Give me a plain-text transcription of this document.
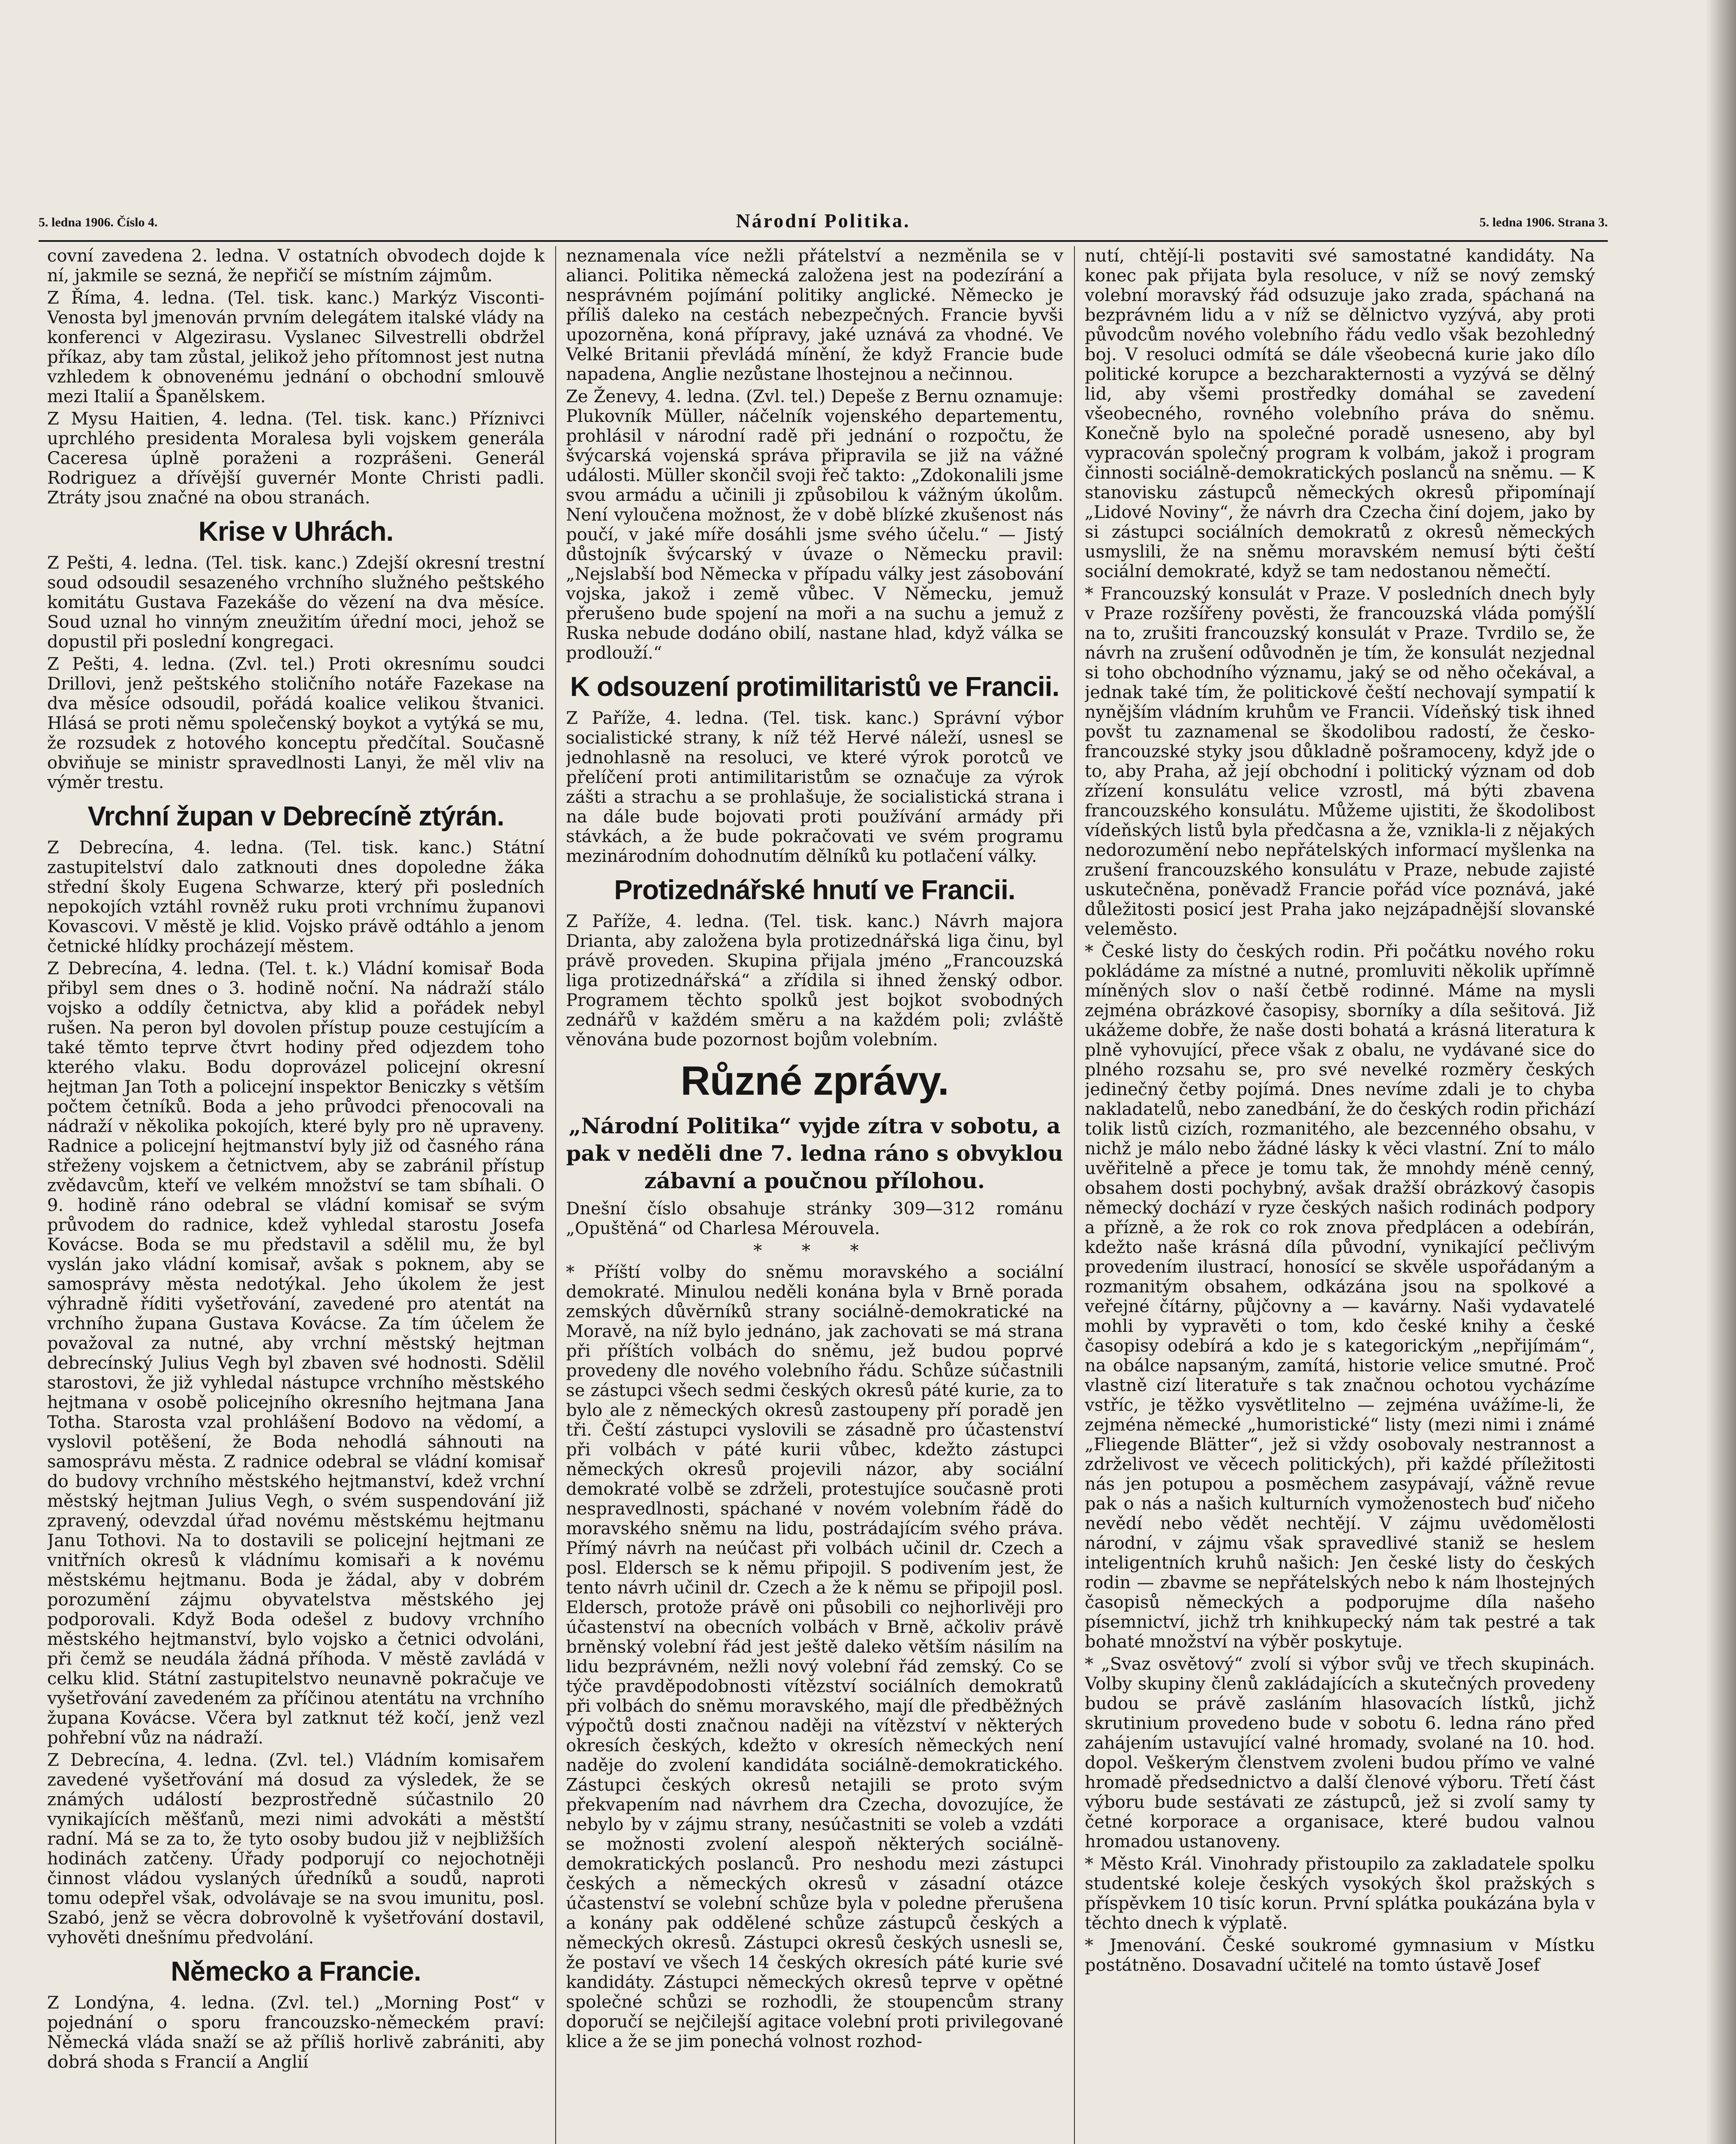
5. ledna 1906. Číslo 4.	Národní Politika.	5. ledna 1906. Strana 3.
covní zavedena 2. ledna. V ostatních obvodech dojde k ní, jakmile se sezná, že nepřičí se místním zájmům.
Z Říma, 4. ledna. (Tel. tisk. kanc.) Markýz Visconti-Venosta byl jmenován prvním delegátem italské vlády na konferenci v Algezirasu. Vyslanec Silvestrelli obdržel příkaz, aby tam zůstal, jelikož jeho přítomnost jest nutna vzhledem k obnovenému jednání o obchodní smlouvě mezi Italií a Španělskem.
Z Mysu Haitien, 4. ledna. (Tel. tisk. kanc.) Příznivci uprchlého presidenta Moralesa byli vojskem generála Caceresa úplně poraženi a rozprášeni. Generál Rodriguez a dřívější guvernér Monte Christi padli. Ztráty jsou značné na obou stranách.
Krise v Uhrách.
Z Pešti, 4. ledna. (Tel. tisk. kanc.) Zdejší okresní trestní soud odsoudil sesazeného vrchního služného peštského komitátu Gustava Fazekáše do vězení na dva měsíce. Soud uznal ho vinným zneužitím úřední moci, jehož se dopustil při poslední kongregaci.
Z Pešti, 4. ledna. (Zvl. tel.) Proti okresnímu soudci Drillovi, jenž peštského stoličního notáře Fazekase na dva měsíce odsoudil, pořádá koalice velikou štvanici. Hlásá se proti němu společenský boykot a vytýká se mu, že rozsudek z hotového konceptu předčítal. Současně obviňuje se ministr spravedlnosti Lanyi, že měl vliv na výměr trestu.
Vrchní župan v Debrecíně ztýrán.
Z Debrecína, 4. ledna. (Tel. tisk. kanc.) Státní zastupitelství dalo zatknouti dnes dopoledne žáka střední školy Eugena Schwarze, který při posledních nepokojích vztáhl rovněž ruku proti vrchnímu županovi Kovascovi. V městě je klid. Vojsko právě odtáhlo a jenom četnické hlídky procházejí městem.
Z Debrecína, 4. ledna. (Tel. t. k.) Vládní komisař Boda přibyl sem dnes o 3. hodině noční. Na nádraží stálo vojsko a oddíly četnictva, aby klid a pořádek nebyl rušen. Na peron byl dovolen přístup pouze cestujícím a také těmto teprve čtvrt hodiny před odjezdem toho kterého vlaku. Bodu doprovázel policejní okresní hejtman Jan Toth a policejní inspektor Beniczky s větším počtem četníků. Boda a jeho průvodci přenocovali na nádraží v několika pokojích, které byly pro ně upraveny. Radnice a policejní hejtmanství byly již od časného rána střeženy vojskem a četnictvem, aby se zabránil přístup zvědavcům, kteří ve velkém množství se tam sbíhali. O 9. hodině ráno odebral se vládní komisař se svým průvodem do radnice, kdež vyhledal starostu Josefa Kovácse. Boda se mu představil a sdělil mu, že byl vyslán jako vládní komisař, avšak s poknem, aby se samosprávy města nedotýkal. Jeho úkolem že jest výhradně říditi vyšetřování, zavedené pro atentát na vrchního župana Gustava Kovácse. Za tím účelem že považoval za nutné, aby vrchní městský hejtman debrecínský Julius Vegh byl zbaven své hodnosti. Sdělil starostovi, že již vyhledal nástupce vrchního městského hejtmana v osobě policejního okresního hejtmana Jana Totha. Starosta vzal prohlášení Bodovo na vědomí, a vyslovil potěšení, že Boda nehodlá sáhnouti na samosprávu města. Z radnice odebral se vládní komisař do budovy vrchního městského hejtmanství, kdež vrchní městský hejtman Julius Vegh, o svém suspendování již zpravený, odevzdal úřad novému městskému hejtmanu Janu Tothovi. Na to dostavili se policejní hejtmani ze vnitřních okresů k vládnímu komisaři a k novému městskému hejtmanu. Boda je žádal, aby v dobrém porozumění zájmu obyvatelstva městského jej podporovali. Když Boda odešel z budovy vrchního městského hejtmanství, bylo vojsko a četnici odvoláni, při čemž se neudála žádná příhoda. V městě zavládá v celku klid. Státní zastupitelstvo neunavně pokračuje ve vyšetřování zavedeném za příčinou atentátu na vrchního župana Kovácse. Včera byl zatknut též kočí, jenž vezl pohřební vůz na nádraží.
Z Debrecína, 4. ledna. (Zvl. tel.) Vládním komisařem zavedené vyšetřování má dosud za výsledek, že se známých událostí bezprostředně súčastnilo 20 vynikajících měšťanů, mezi nimi advokáti a městští radní. Má se za to, že tyto osoby budou již v nejbližších hodinách zatčeny. Úřady podporují co nejochotněji činnost vládou vyslaných úředníků a soudů, naproti tomu odepřel však, odvolávaje se na svou imunitu, posl. Szabó, jenž se věcra dobrovolně k vyšetřování dostavil, vyhověti dnešnímu předvolání.
Německo a Francie.
Z Londýna, 4. ledna. (Zvl. tel.) „Morning Post“ v pojednání o sporu francouzsko-německém praví: Německá vláda snaží se až příliš horlivě zabrániti, aby dobrá shoda s Francií a Anglií
neznamenala více nežli přátelství a nezměnila se v alianci. Politika německá založena jest na podezírání a nesprávném pojímání politiky anglické. Německo je příliš daleko na cestách nebezpečných. Francie byvši upozorněna, koná přípravy, jaké uznává za vhodné. Ve Velké Britanii převládá mínění, že když Francie bude napadena, Anglie nezůstane lhostejnou a nečinnou.
Ze Ženevy, 4. ledna. (Zvl. tel.) Depeše z Bernu oznamuje: Plukovník Müller, náčelník vojenského departementu, prohlásil v národní radě při jednání o rozpočtu, že švýcarská vojenská správa připravila se již na vážné události. Müller skončil svoji řeč takto: „Zdokonalili jsme svou armádu a učinili ji způsobilou k vážným úkolům. Není vyloučena možnost, že v době blízké zkušenost nás poučí, v jaké míře dosáhli jsme svého účelu.“ — Jistý důstojník švýcarský v úvaze o Německu pravil: „Nejslabší bod Německa v případu války jest zásobování vojska, jakož i země vůbec. V Německu, jemuž přerušeno bude spojení na moři a na suchu a jemuž z Ruska nebude dodáno obilí, nastane hlad, když válka se prodlouží.“
K odsouzení protimilitaristů ve Francii.
Z Paříže, 4. ledna. (Tel. tisk. kanc.) Správní výbor socialistické strany, k níž též Hervé náleží, usnesl se jednohlasně na resoluci, ve které výrok porotců ve přelíčení proti antimilitaristům se označuje za výrok zášti a strachu a se prohlašuje, že socialistická strana i na dále bude bojovati proti používání armády při stávkách, a že bude pokračovati ve svém programu mezinárodním dohodnutím dělníků ku potlačení války.
Protizednářské hnutí ve Francii.
Z Paříže, 4. ledna. (Tel. tisk. kanc.) Návrh majora Drianta, aby založena byla protizednářská liga činu, byl právě proveden. Skupina přijala jméno „Francouzská liga protizednářská“ a zřídila si ihned ženský odbor. Programem těchto spolků jest bojkot svobodných zednářů v každém směru a na každém poli; zvláště věnována bude pozornost bojům volebním.
Různé zprávy.
„Národní Politika“ vyjde zítra v sobotu, a pak v neděli dne 7. ledna ráno s obvyklou zábavní a poučnou přílohou.
Dnešní číslo obsahuje stránky 309—312 románu „Opuštěná“ od Charlesa Mérouvela.
* * *
* Příští volby do sněmu moravského a sociální demokraté. Minulou neděli konána byla v Brně porada zemských důvěrníků strany sociálně-demokratické na Moravě, na níž bylo jednáno, jak zachovati se má strana při příštích volbách do sněmu, jež budou poprvé provedeny dle nového volebního řádu. Schůze súčastnili se zástupci všech sedmi českých okresů páté kurie, za to bylo ale z německých okresů zastoupeny pří poradě jen tři. Čeští zástupci vyslovili se zásadně pro účastenství při volbách v páté kurii vůbec, kdežto zástupci německých okresů projevili názor, aby sociální demokraté volbě se zdrželi, protestujíce současně proti nespravedlnosti, spáchané v novém volebním řádě do moravského sněmu na lidu, postrádajícím svého práva. Přímý návrh na neúčast při volbách učinil dr. Czech a posl. Eldersch se k němu připojil. S podivením jest, že tento návrh učinil dr. Czech a že k němu se připojil posl. Eldersch, protože právě oni působili co nejhorlivěji pro účastenství na obecních volbách v Brně, ačkoliv právě brněnský volební řád jest ještě daleko větším násilím na lidu bezprávném, nežli nový volební řád zemský. Co se týče pravděpodobnosti vítězství sociálních demokratů při volbách do sněmu moravského, mají dle předběžných výpočtů dosti značnou naději na vítězství v některých okresích českých, kdežto v okresích německých není naděje do zvolení kandidáta sociálně-demokratického. Zástupci českých okresů netajili se proto svým překvapením nad návrhem dra Czecha, dovozujíce, že nebylo by v zájmu strany, nesúčastniti se voleb a vzdáti se možnosti zvolení alespoň některých sociálně-demokratických poslanců. Pro neshodu mezi zástupci českých a německých okresů v zásadní otázce účastenství se volební schůze byla v poledne přerušena a konány pak oddělené schůze zástupců českých a německých okresů. Zástupci okresů českých usnesli se, že postaví ve všech 14 českých okresích páté kurie své kandidáty. Zástupci německých okresů teprve v opětné společné schůzi se rozhodli, že stoupencům strany doporučí se nejčilejší agitace volební proti privilegované klice a že se jim ponechá volnost rozhod-
nutí, chtějí-li postaviti své samostatné kandidáty. Na konec pak přijata byla resoluce, v níž se nový zemský volební moravský řád odsuzuje jako zrada, spáchaná na bezprávném lidu a v níž se dělnictvo vyzývá, aby proti původcům nového volebního řádu vedlo však bezohledný boj. V resoluci odmítá se dále všeobecná kurie jako dílo politické korupce a bezcharakternosti a vyzývá se dělný lid, aby všemi prostředky domáhal se zavedení všeobecného, rovného volebního práva do sněmu. Konečně bylo na společné poradě usneseno, aby byl vypracován společný program k volbám, jakož i program činnosti sociálně-demokratických poslanců na sněmu. — K stanovisku zástupců německých okresů připomínají „Lidové Noviny“, že návrh dra Czecha činí dojem, jako by si zástupci sociálních demokratů z okresů německých usmyslili, že na sněmu moravském nemusí býti čeští sociální demokraté, když se tam nedostanou němečtí.
* Francouzský konsulát v Praze. V posledních dnech byly v Praze rozšířeny pověsti, že francouzská vláda pomýšlí na to, zrušiti francouzský konsulát v Praze. Tvrdilo se, že návrh na zrušení odůvodněn je tím, že konsulát nezjednal si toho obchodního významu, jaký se od něho očekával, a jednak také tím, že politickové čeští nechovají sympatií k nynějším vládním kruhům ve Francii. Vídeňský tisk ihned povšt tu zaznamenal se škodolibou radostí, že česko-francouzské styky jsou důkladně pošramoceny, když jde o to, aby Praha, až její obchodní i politický význam od dob zřízení konsulátu velice vzrostl, má býti zbavena francouzského konsulátu. Můžeme ujistiti, že škodolibost vídeňských listů byla předčasna a že, vznikla-li z nějakých nedorozumění nebo nepřátelských informací myšlenka na zrušení francouzského konsulátu v Praze, nebude zajisté uskutečněna, poněvadž Francie pořád více poznává, jaké důležitosti posicí jest Praha jako nejzápadnější slovanské veleměsto.
* České listy do českých rodin. Při počátku nového roku pokládáme za místné a nutné, promluviti několik upřímně míněných slov o naší četbě rodinné. Máme na mysli zejména obrázkové časopisy, sborníky a díla sešitová. Již ukážeme dobře, že naše dosti bohatá a krásná literatura k plně vyhovující, přece však z obalu, ne vydávané sice do plného rozsahu se, pro své nevelké rozměry českých jedinečný četby pojímá. Dnes nevíme zdali je to chyba nakladatelů, nebo zanedbání, že do českých rodin přichází tolik listů cizích, rozmanitého, ale bezcenného obsahu, v nichž je málo nebo žádné lásky k věci vlastní. Zní to málo uvěřitelně a přece je tomu tak, že mnohdy méně cenný, obsahem dosti pochybný, avšak dražší obrázkový časopis německý dochází v ryze českých našich rodinách podpory a přízně, a že rok co rok znova předplácen a odebírán, kdežto naše krásná díla původní, vynikající pečlivým provedením ilustrací, honosící se skvěle uspořádaným a rozmanitým obsahem, odkázána jsou na spolkové a veřejné čítárny, půjčovny a — kavárny. Naši vydavatelé mohli by vypravěti o tom, kdo české knihy a české časopisy odebírá a kdo je s kategorickým „nepřijímám“, na obálce napsaným, zamítá, historie velice smutné. Proč vlastně cizí literatuře s tak značnou ochotou vycházíme vstříc, je těžko vysvětlitelno — zejména uvážíme-li, že zejména německé „humoristické“ listy (mezi nimi i známé „Fliegende Blätter“, jež si vždy osobovaly nestrannost a zdrželivost ve věcech politických), při každé příležitosti nás jen potupou a posměchem zasypávají, vážně revue pak o nás a našich kulturních vymoženostech buď ničeho nevědí nebo vědět nechtějí. V zájmu uvědomělosti národní, v zájmu však spravedlivé staniž se heslem inteligentních kruhů našich: Jen české listy do českých rodin — zbavme se nepřátelských nebo k nám lhostejných časopisů německých a podporujme díla našeho písemnictví, jichž trh knihkupecký nám tak pestré a tak bohaté množství na výběr poskytuje.
* „Svaz osvětový“ zvolí si výbor svůj ve třech skupinách. Volby skupiny členů zakládajících a skutečných provedeny budou se právě zasláním hlasovacích lístků, jichž skrutinium provedeno bude v sobotu 6. ledna ráno před zahájením ustavující valné hromady, svolané na 10. hod. dopol. Veškerým členstvem zvoleni budou přímo ve valné hromadě předsednictvo a další členové výboru. Třetí část výboru bude sestávati ze zástupců, jež si zvolí samy ty četné korporace a organisace, které budou valnou hromadou ustanoveny.
* Město Král. Vinohrady přistoupilo za zakladatele spolku studentské koleje českých vysokých škol pražských s příspěvkem 10 tisíc korun. První splátka poukázána byla v těchto dnech k výplatě.
* Jmenování. České soukromé gymnasium v Místku postátněno. Dosavadní učitelé na tomto ústavě Josef
